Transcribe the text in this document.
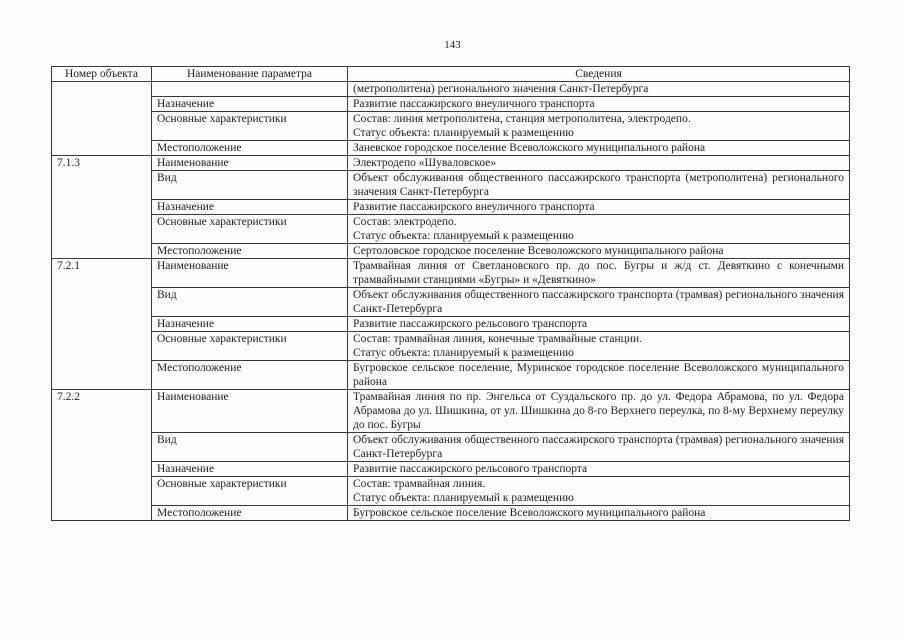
143
Номер объекта	Наименование параметра	Сведения

		(метрополитена) регионального значения Санкт-Петербурга

	Назначение	Развитие пассажирского внеуличного транспорта

	Основные характеристики	Состав: линия метрополитена, станция метрополитена, электродепо.
Статус объекта: планируемый к размещению

	Местоположение	Заневское городское поселение Всеволожского муниципального района

7.1.3	Наименование	Электродепо «Шуваловское»

	Вид	Объект обслуживания общественного пассажирского транспорта (метрополитена) регионального значения Санкт-Петербурга

	Назначение	Развитие пассажирского внеуличного транспорта

	Основные характеристики	Состав: электродепо.
Статус объекта: планируемый к размещению

	Местоположение	Сертоловское городское поселение Всеволожского муниципального района

7.2.1	Наименование	Трамвайная линия от Светлановского пр. до пос. Бугры и ж/д ст. Девяткино с конечными трамвайными станциями «Бугры» и «Девяткино»

	Вид	Объект обслуживания общественного пассажирского транспорта (трамвая) регионального значения Санкт-Петербурга

	Назначение	Развитие пассажирского рельсового транспорта

	Основные характеристики	Состав: трамвайная линия, конечные трамвайные станции.
Статус объекта: планируемый к размещению

	Местоположение	Бугровское сельское поселение, Муринское городское поселение Всеволожского муниципального района

7.2.2	Наименование	Трамвайная линия по пр. Энгельса от Суздальского пр. до ул. Федора Абрамова, по ул. Федора Абрамова до ул. Шишкина, от ул. Шишкина до 8-го Верхнего переулка, по 8-му Верхнему переулку до пос. Бугры

	Вид	Объект обслуживания общественного пассажирского транспорта (трамвая) регионального значения Санкт-Петербурга

	Назначение	Развитие пассажирского рельсового транспорта

	Основные характеристики	Состав: трамвайная линия.
Статус объекта: планируемый к размещению

	Местоположение	Бугровское сельское поселение Всеволожского муниципального района
